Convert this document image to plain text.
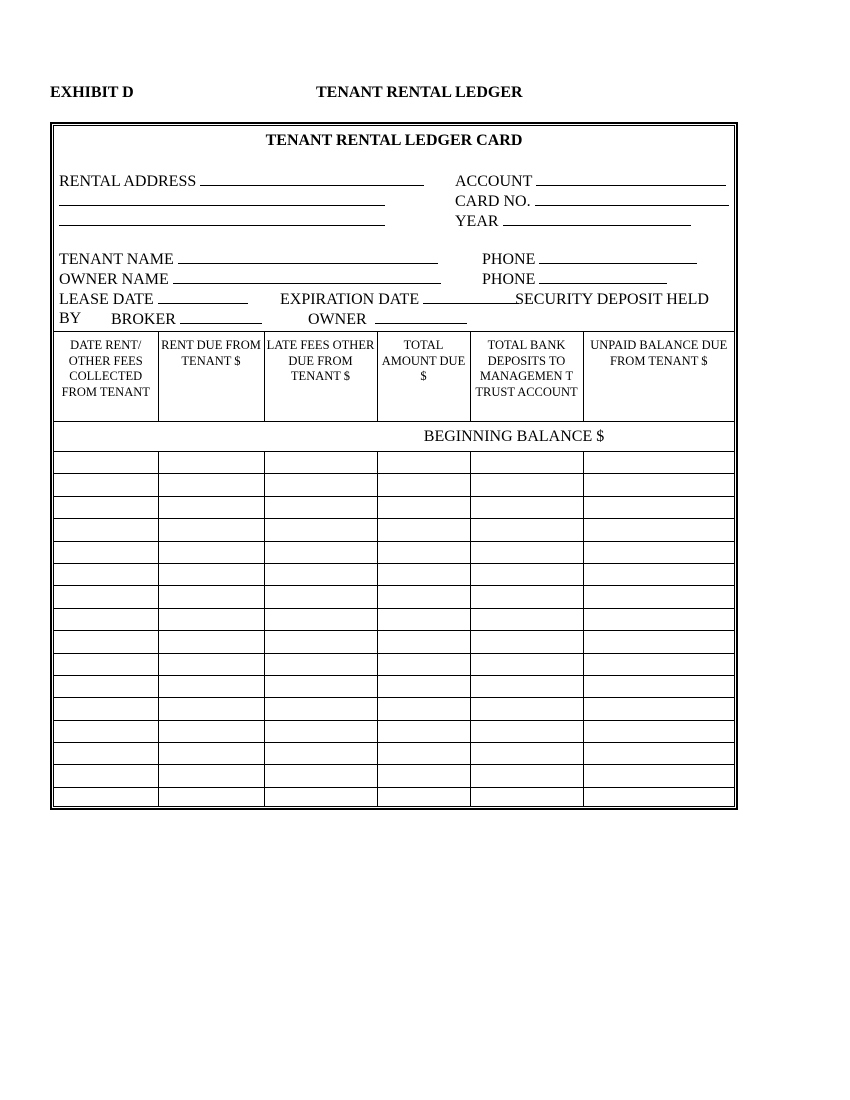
EXHIBIT D	TENANT RENTAL LEDGER
TENANT RENTAL LEDGER CARD
RENTAL ADDRESS	ACCOUNT
CARD NO.
YEAR
TENANT NAME	PHONE
OWNER NAME	PHONE
LEASE DATE	EXPIRATION DATE	SECURITY DEPOSIT HELD
BY BROKER	OWNER
DATE RENT/ OTHER FEES COLLECTED FROM TENANT	RENT DUE FROM TENANT $	LATE FEES OTHER DUE FROM TENANT $	TOTAL AMOUNT DUE $	TOTAL BANK DEPOSITS TO MANAGEMEN T TRUST ACCOUNT	UNPAID BALANCE DUE FROM TENANT $
BEGINNING BALANCE $					
